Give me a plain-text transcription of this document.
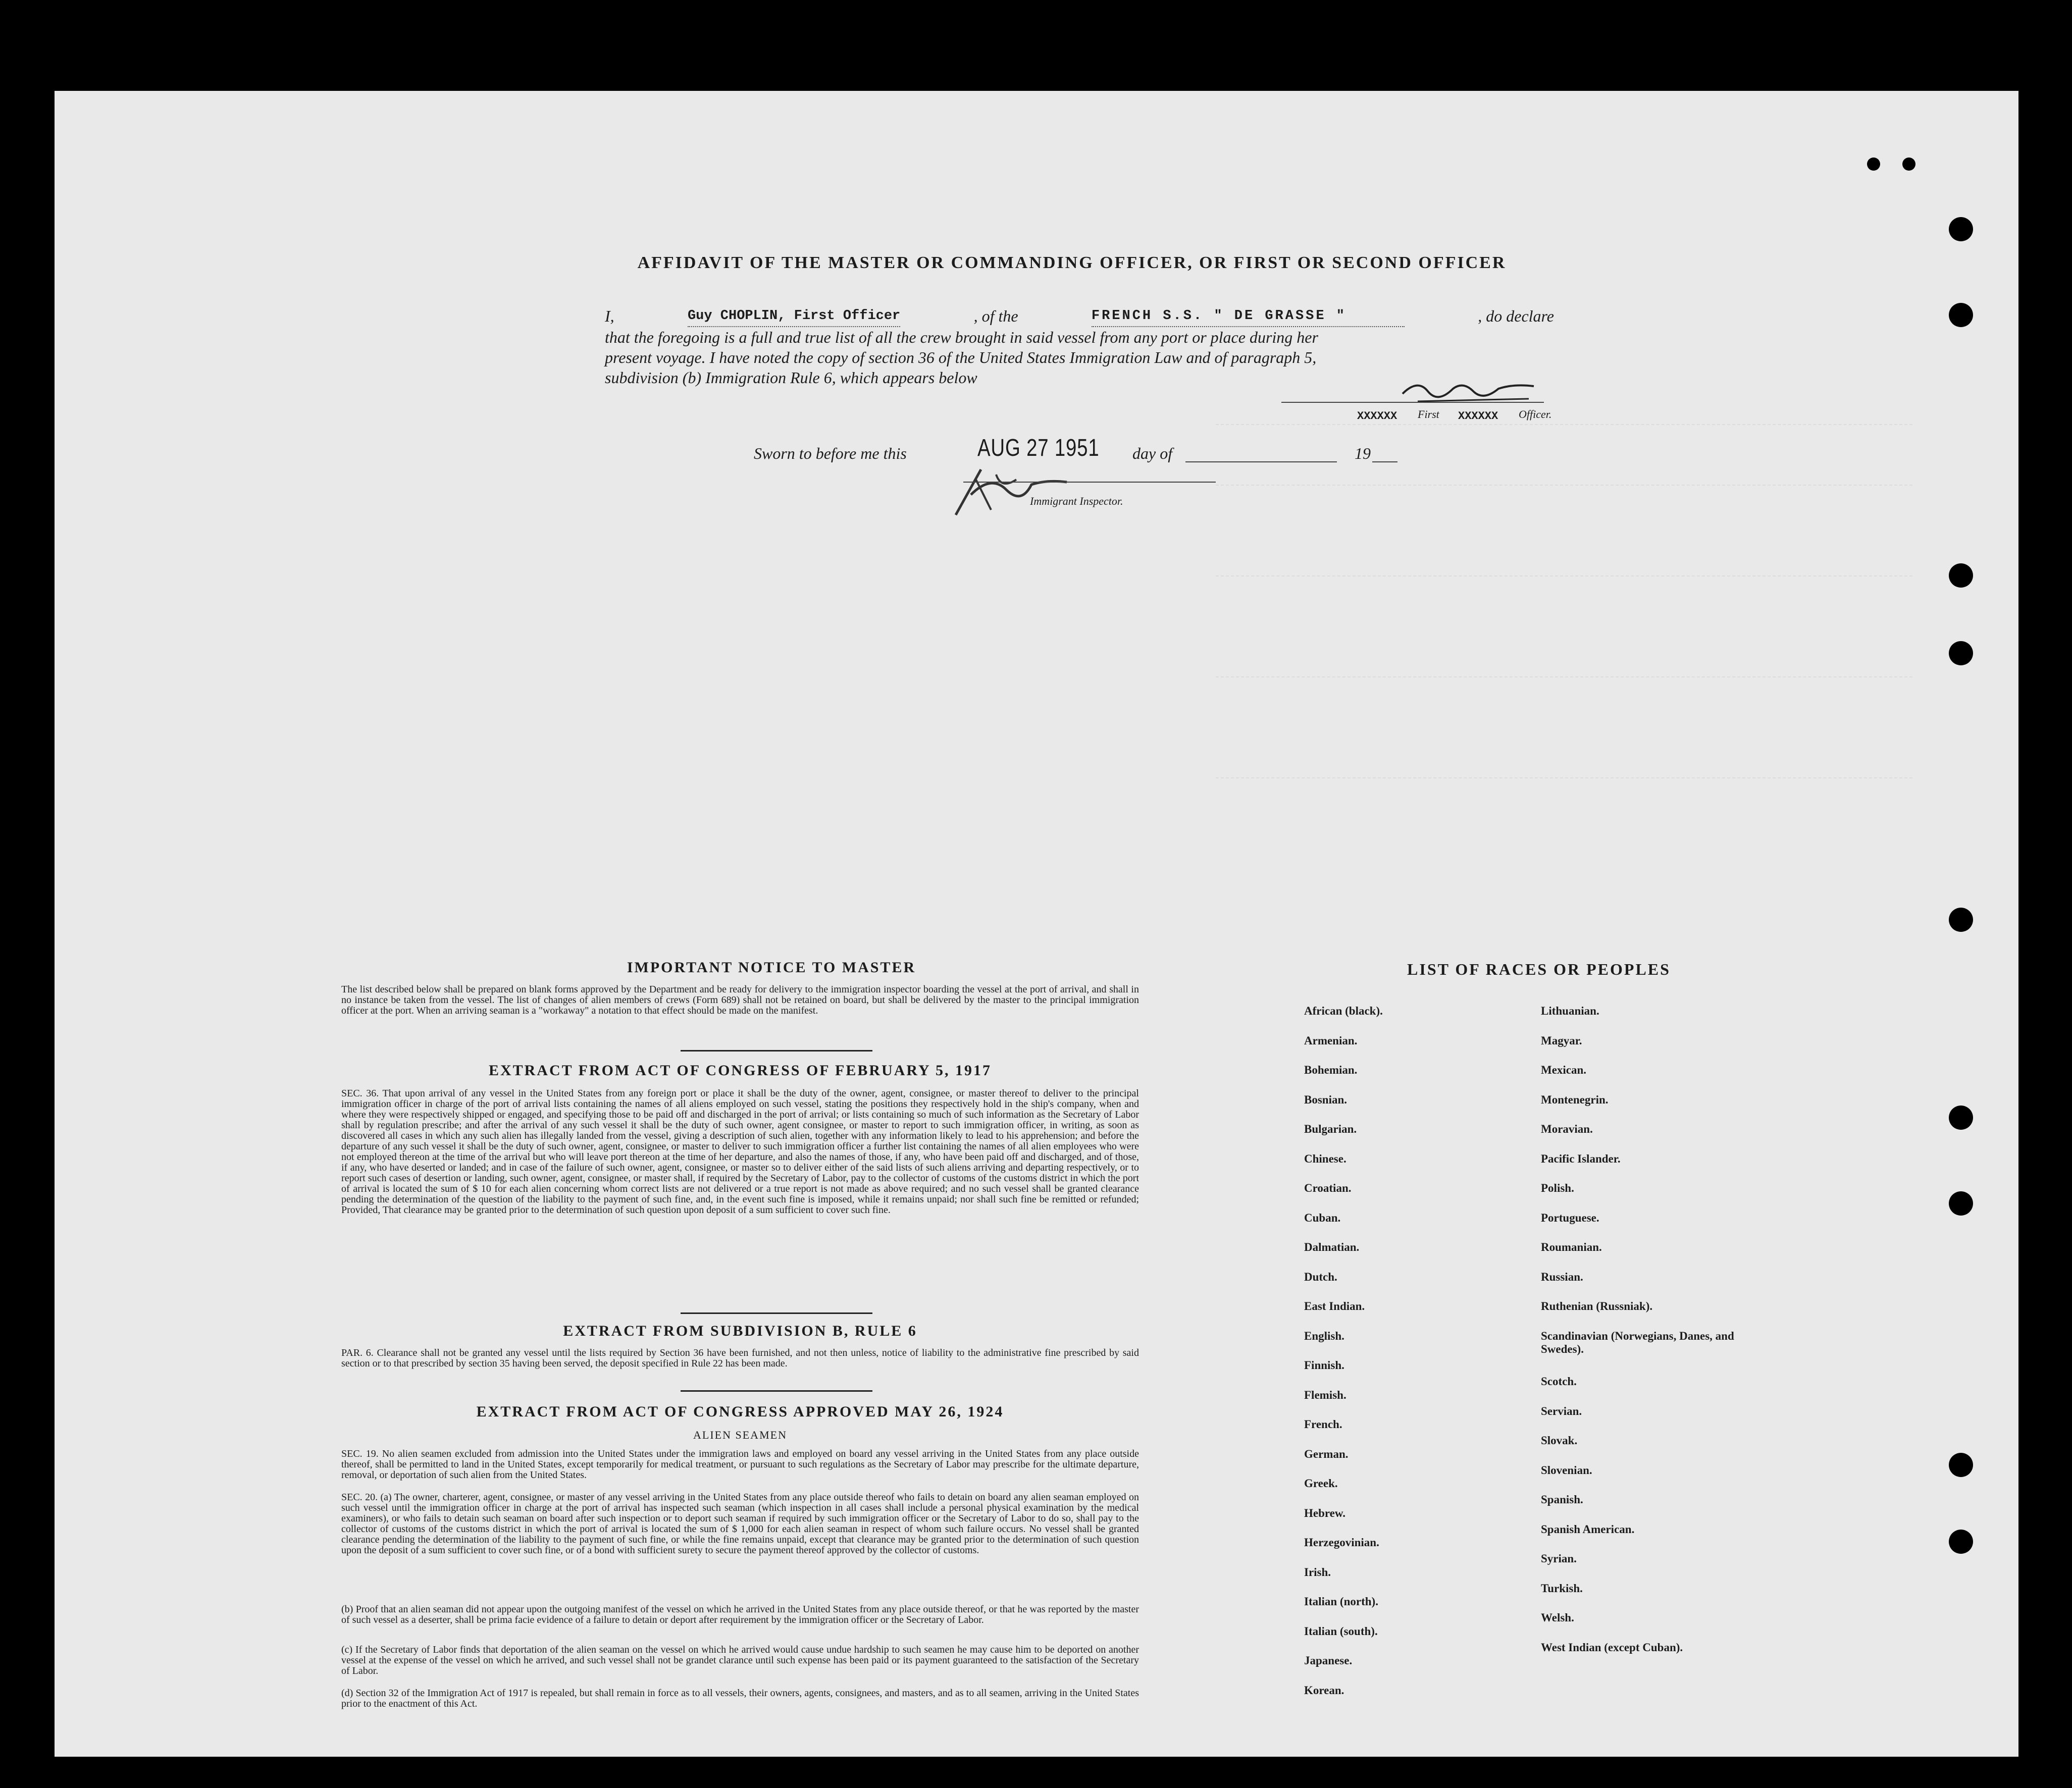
AFFIDAVIT OF THE MASTER OR COMMANDING OFFICER, OR FIRST OR SECOND OFFICER
I,	Guy CHOPLIN, First Officer	, of the	FRENCH S.S. " DE GRASSE "	, do declare
that the foregoing is a full and true list of all the crew brought in said vessel from any port or place during her
present voyage. I have noted the copy of section 36 of the United States Immigration Law and of paragraph 5,
subdivision (b) Immigration Rule 6, which appears below
XXXXXX First XXXXXX Officer.
Sworn to before me this	AUG 27 1951 day of	19
Immigrant Inspector.
IMPORTANT NOTICE TO MASTER
The list described below shall be prepared on blank forms approved by the Department and be ready for delivery to the immigration inspector boarding the vessel at the port of arrival, and shall in no instance be taken from the vessel. The list of changes of alien members of crews (Form 689) shall not be retained on board, but shall be delivered by the master to the principal immigration officer at the port. When an arriving seaman is a "workaway" a notation to that effect should be made on the manifest.
EXTRACT FROM ACT OF CONGRESS OF FEBRUARY 5, 1917
SEC. 36. That upon arrival of any vessel in the United States from any foreign port or place it shall be the duty of the owner, agent, consignee, or master thereof to deliver to the principal immigration officer in charge of the port of arrival lists containing the names of all aliens employed on such vessel, stating the positions they respectively hold in the ship's company, when and where they were respectively shipped or engaged, and specifying those to be paid off and discharged in the port of arrival; or lists containing so much of such information as the Secretary of Labor shall by regulation prescribe; and after the arrival of any such vessel it shall be the duty of such owner, agent consignee, or master to report to such immigration officer, in writing, as soon as discovered all cases in which any such alien has illegally landed from the vessel, giving a description of such alien, together with any information likely to lead to his apprehension; and before the departure of any such vessel it shall be the duty of such owner, agent, consignee, or master to deliver to such immigration officer a further list containing the names of all alien employees who were not employed thereon at the time of the arrival but who will leave port thereon at the time of her departure, and also the names of those, if any, who have been paid off and discharged, and of those, if any, who have deserted or landed; and in case of the failure of such owner, agent, consignee, or master so to deliver either of the said lists of such aliens arriving and departing respectively, or to report such cases of desertion or landing, such owner, agent, consignee, or master shall, if required by the Secretary of Labor, pay to the collector of customs of the customs district in which the port of arrival is located the sum of $ 10 for each alien concerning whom correct lists are not delivered or a true report is not made as above required; and no such vessel shall be granted clearance pending the determination of the question of the liability to the payment of such fine, and, in the event such fine is imposed, while it remains unpaid; nor shall such fine be remitted or refunded; Provided, That clearance may be granted prior to the determination of such question upon deposit of a sum sufficient to cover such fine.
EXTRACT FROM SUBDIVISION B, RULE 6
PAR. 6. Clearance shall not be granted any vessel until the lists required by Section 36 have been furnished, and not then unless, notice of liability to the administrative fine prescribed by said section or to that prescribed by section 35 having been served, the deposit specified in Rule 22 has been made.
EXTRACT FROM ACT OF CONGRESS APPROVED MAY 26, 1924
ALIEN SEAMEN
SEC. 19. No alien seamen excluded from admission into the United States under the immigration laws and employed on board any vessel arriving in the United States from any place outside thereof, shall be permitted to land in the United States, except temporarily for medical treatment, or pursuant to such regulations as the Secretary of Labor may prescribe for the ultimate departure, removal, or deportation of such alien from the United States.
SEC. 20. (a) The owner, charterer, agent, consignee, or master of any vessel arriving in the United States from any place outside thereof who fails to detain on board any alien seaman employed on such vessel until the immigration officer in charge at the port of arrival has inspected such seaman (which inspection in all cases shall include a personal physical examination by the medical examiners), or who fails to detain such seaman on board after such inspection or to deport such seaman if required by such immigration officer or the Secretary of Labor to do so, shall pay to the collector of customs of the customs district in which the port of arrival is located the sum of $ 1,000 for each alien seaman in respect of whom such failure occurs. No vessel shall be granted clearance pending the determination of the liability to the payment of such fine, or while the fine remains unpaid, except that clearance may be granted prior to the determination of such question upon the deposit of a sum sufficient to cover such fine, or of a bond with sufficient surety to secure the payment thereof approved by the collector of customs.
(b) Proof that an alien seaman did not appear upon the outgoing manifest of the vessel on which he arrived in the United States from any place outside thereof, or that he was reported by the master of such vessel as a deserter, shall be prima facie evidence of a failure to detain or deport after requirement by the immigration officer or the Secretary of Labor.
(c) If the Secretary of Labor finds that deportation of the alien seaman on the vessel on which he arrived would cause undue hardship to such seamen he may cause him to be deported on another vessel at the expense of the vessel on which he arrived, and such vessel shall not be grandet clarance until such expense has been paid or its payment guaranteed to the satisfaction of the Secretary of Labor.
(d) Section 32 of the Immigration Act of 1917 is repealed, but shall remain in force as to all vessels, their owners, agents, consignees, and masters, and as to all seamen, arriving in the United States prior to the enactment of this Act.
LIST OF RACES OR PEOPLES
African (black).
Armenian.
Bohemian.
Bosnian.
Bulgarian.
Chinese.
Croatian.
Cuban.
Dalmatian.
Dutch.
East Indian.
English.
Finnish.
Flemish.
French.
German.
Greek.
Hebrew.
Herzegovinian.
Irish.
Italian (north).
Italian (south).
Japanese.
Korean.
Lithuanian.
Magyar.
Mexican.
Montenegrin.
Moravian.
Pacific Islander.
Polish.
Portuguese.
Roumanian.
Russian.
Ruthenian (Russniak).
Scandinavian (Norwegians, Danes, and Swedes).
Scotch.
Servian.
Slovak.
Slovenian.
Spanish.
Spanish American.
Syrian.
Turkish.
Welsh.
West Indian (except Cuban).
